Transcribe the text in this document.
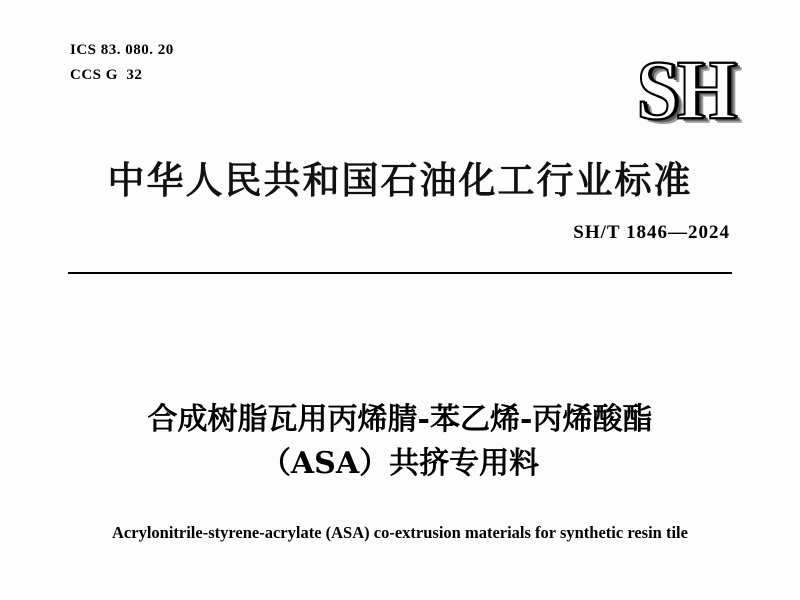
ICS 83. 080. 20
CCS G  32	SH
中华人民共和国石油化工行业标准
SH/T 1846—2024
合成树脂瓦用丙烯腈-苯乙烯-丙烯酸酯
（ASA）共挤专用料
Acrylonitrile-styrene-acrylate (ASA) co-extrusion materials for synthetic resin tile
